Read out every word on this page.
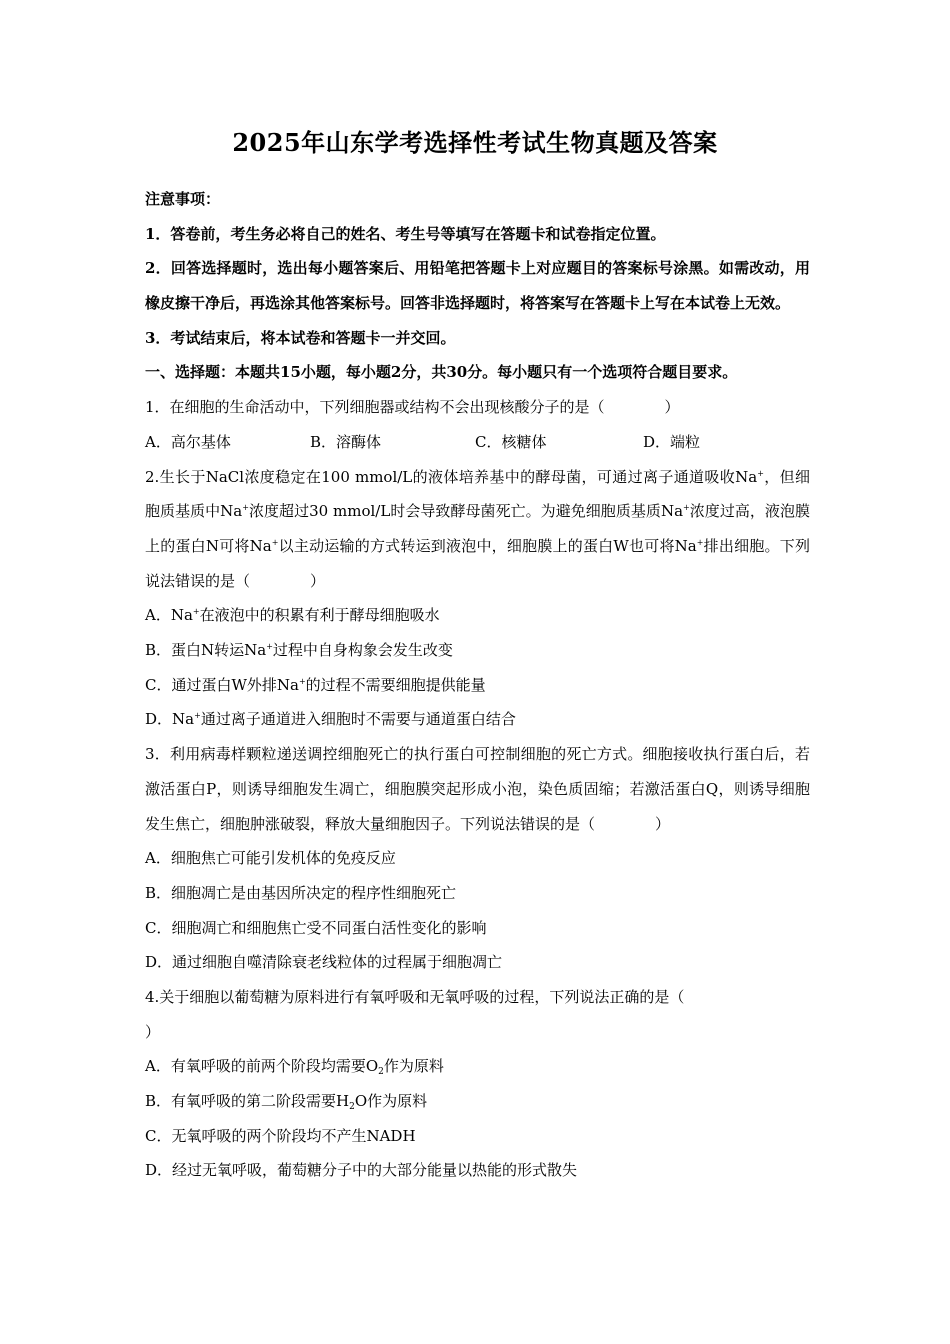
2025年山东学考选择性考试生物真题及答案
注意事项：
1．答卷前，考生务必将自己的姓名、考生号等填写在答题卡和试卷指定位置。
2．回答选择题时，选出每小题答案后、用铅笔把答题卡上对应题目的答案标号涂黑。如需改动，用橡皮擦干净后，再选涂其他答案标号。回答非选择题时，将答案写在答题卡上写在本试卷上无效。
3．考试结束后，将本试卷和答题卡一并交回。
一、选择题：本题共15小题，每小题2分，共30分。每小题只有一个选项符合题目要求。
1．在细胞的生命活动中，下列细胞器或结构不会出现核酸分子的是（　　　　）
A．高尔基体	B．溶酶体	C．核糖体	D．端粒
2.生长于NaCl浓度稳定在100 mmol/L的液体培养基中的酵母菌，可通过离子通道吸收Na+，但细胞质基质中Na+浓度超过30 mmol/L时会导致酵母菌死亡。为避免细胞质基质Na+浓度过高，液泡膜上的蛋白N可将Na+以主动运输的方式转运到液泡中，细胞膜上的蛋白W也可将Na+排出细胞。下列说法错误的是（　　　　）
A．Na+在液泡中的积累有利于酵母细胞吸水
B．蛋白N转运Na+过程中自身构象会发生改变
C．通过蛋白W外排Na+的过程不需要细胞提供能量
D．Na+通过离子通道进入细胞时不需要与通道蛋白结合
3．利用病毒样颗粒递送调控细胞死亡的执行蛋白可控制细胞的死亡方式。细胞接收执行蛋白后，若激活蛋白P，则诱导细胞发生凋亡，细胞膜突起形成小泡，染色质固缩；若激活蛋白Q，则诱导细胞发生焦亡，细胞肿涨破裂，释放大量细胞因子。下列说法错误的是（　　　　）
A．细胞焦亡可能引发机体的免疫反应
B．细胞凋亡是由基因所决定的程序性细胞死亡
C．细胞凋亡和细胞焦亡受不同蛋白活性变化的影响
D．通过细胞自噬清除衰老线粒体的过程属于细胞凋亡
4.关于细胞以葡萄糖为原料进行有氧呼吸和无氧呼吸的过程，下列说法正确的是（
）
A．有氧呼吸的前两个阶段均需要$O_2$作为原料
B．有氧呼吸的第二阶段需要$H_2O$作为原料
C．无氧呼吸的两个阶段均不产生NADH
D．经过无氧呼吸，葡萄糖分子中的大部分能量以热能的形式散失
